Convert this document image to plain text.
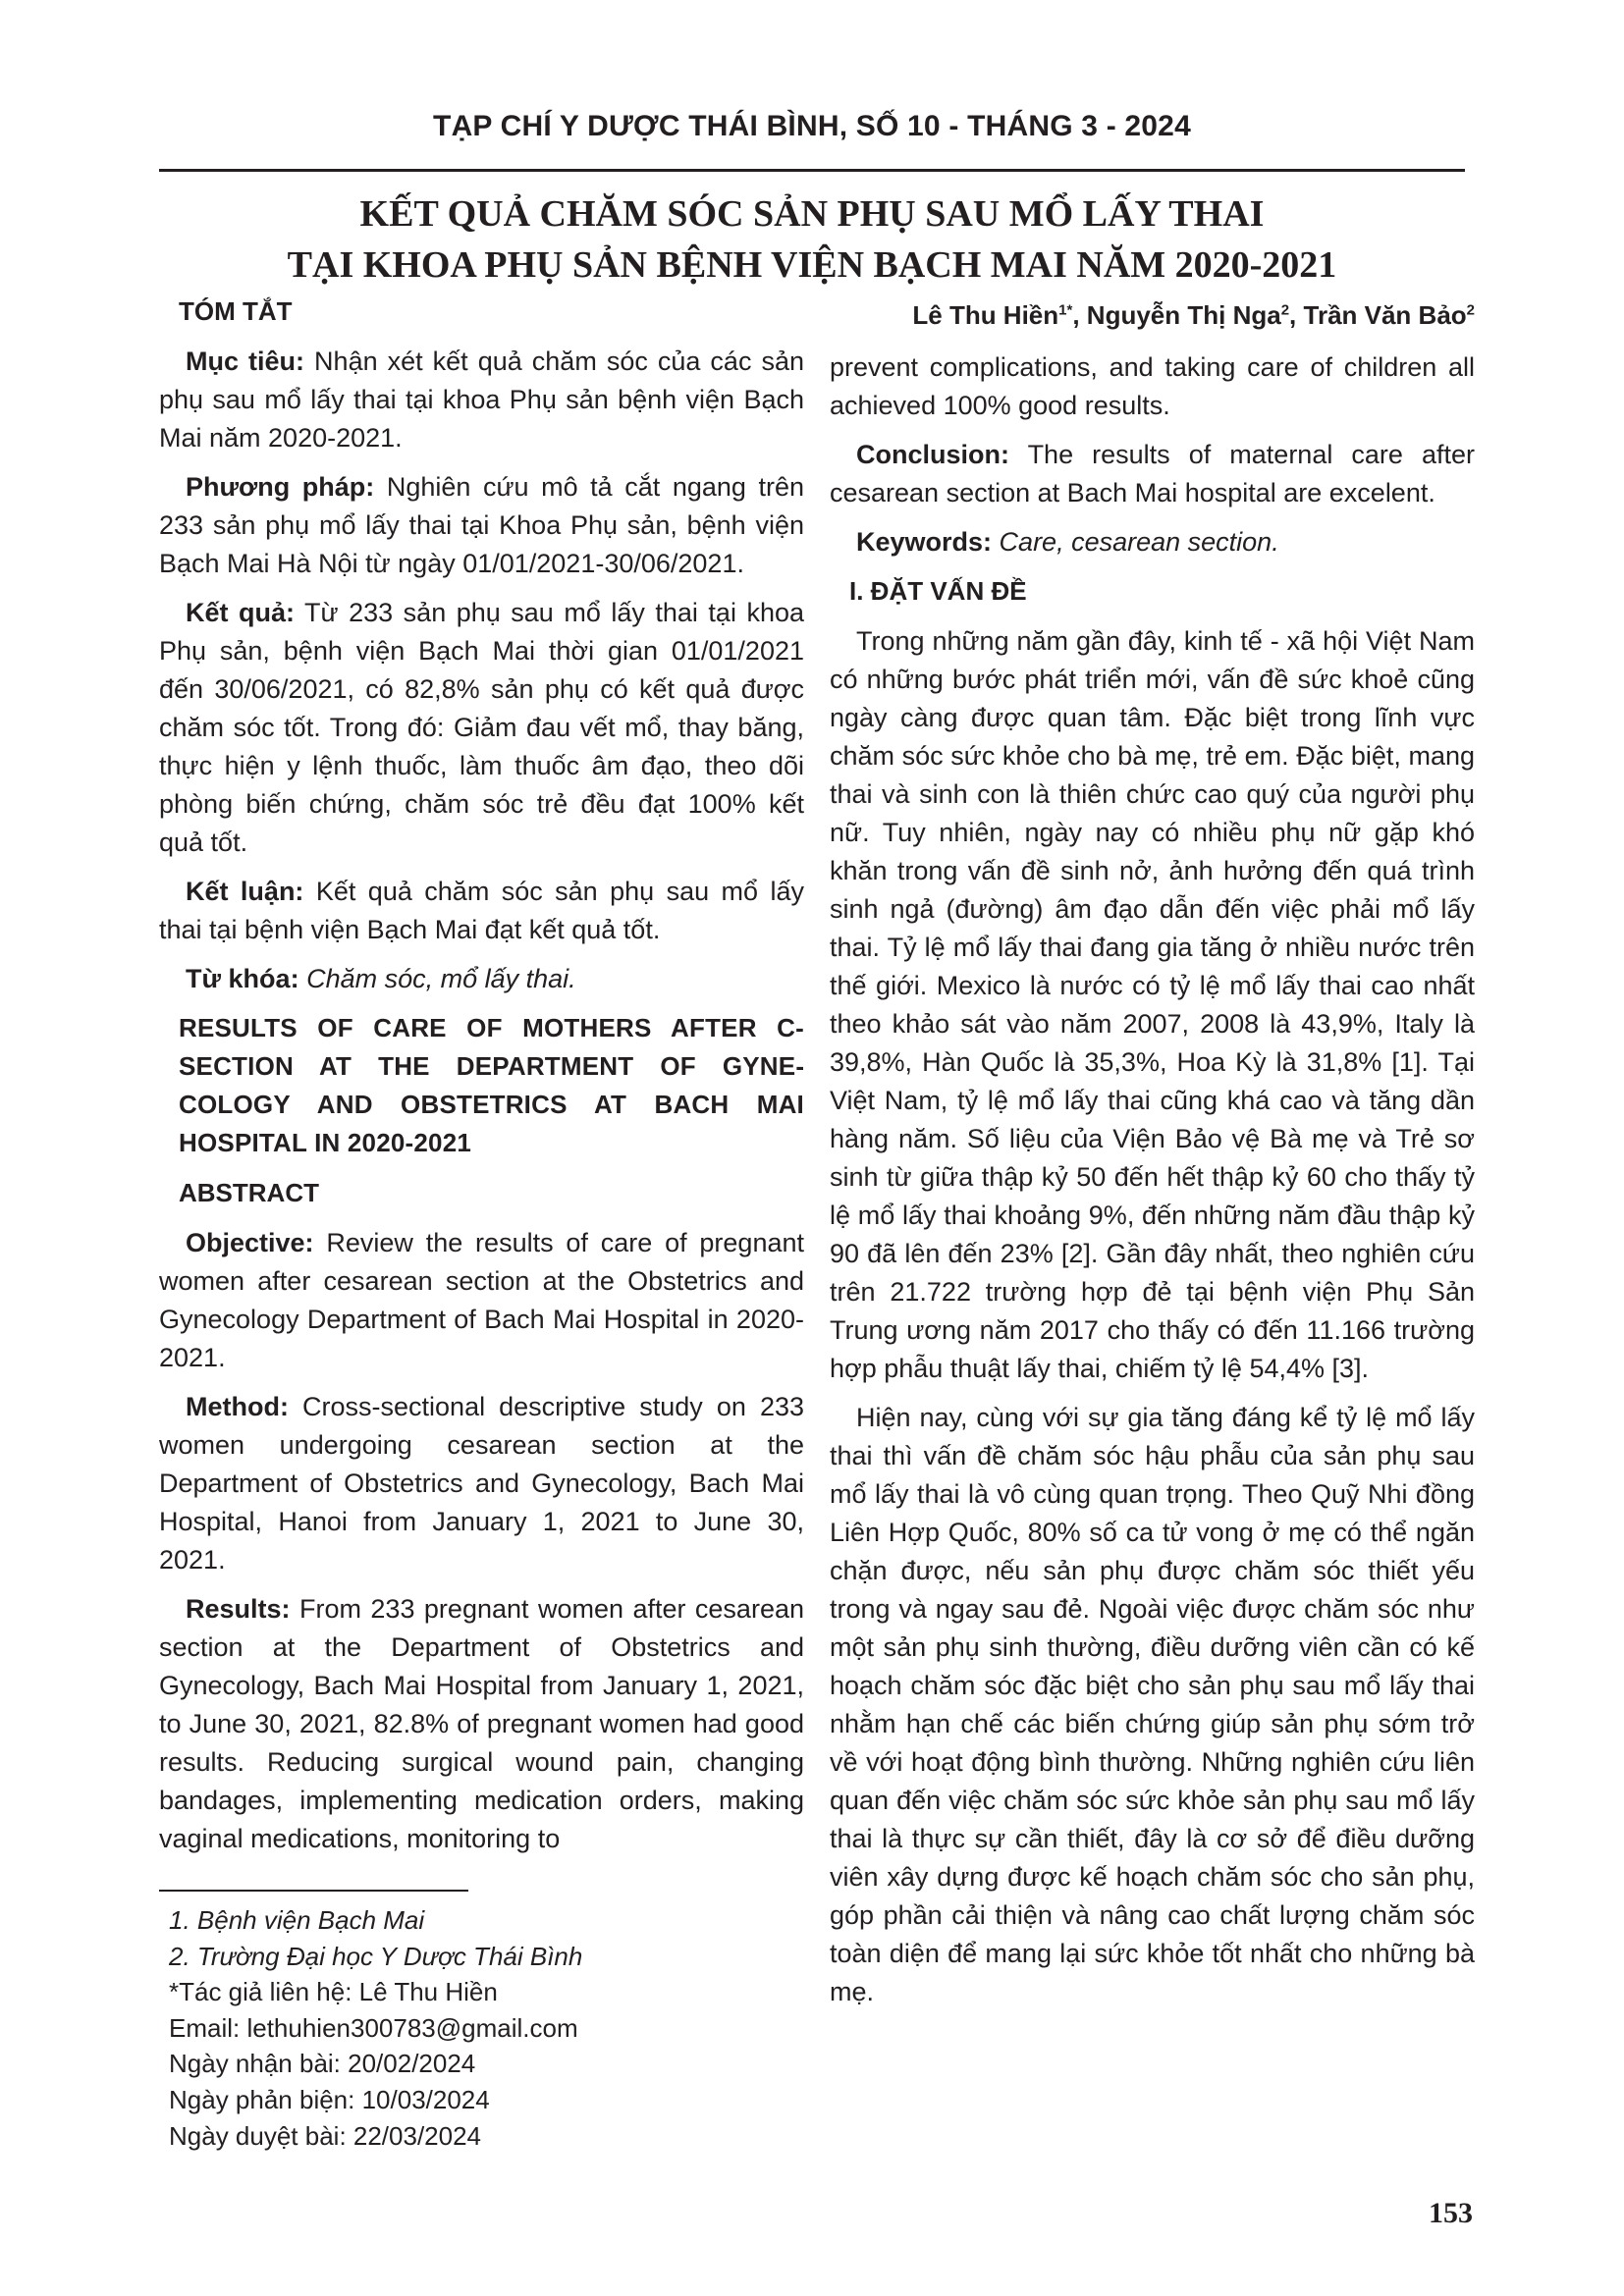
TẠP CHÍ Y DƯỢC THÁI BÌNH, SỐ 10 - THÁNG 3 - 2024
KẾT QUẢ CHĂM SÓC SẢN PHỤ SAU MỔ LẤY THAI
TẠI KHOA PHỤ SẢN BỆNH VIỆN BẠCH MAI NĂM 2020-2021
Lê Thu Hiền$^{1*}$, Nguyễn Thị Nga$^2$, Trần Văn Bảo$^2$

TÓM TẮT

Mục tiêu: Nhận xét kết quả chăm sóc của các sản phụ sau mổ lấy thai tại khoa Phụ sản bệnh viện Bạch Mai năm 2020-2021.

Phương pháp: Nghiên cứu mô tả cắt ngang trên 233 sản phụ mổ lấy thai tại Khoa Phụ sản, bệnh viện Bạch Mai Hà Nội từ ngày 01/01/2021-30/06/2021.

Kết quả: Từ 233 sản phụ sau mổ lấy thai tại khoa Phụ sản, bệnh viện Bạch Mai thời gian 01/01/2021 đến 30/06/2021, có 82,8% sản phụ có kết quả được chăm sóc tốt. Trong đó: Giảm đau vết mổ, thay băng, thực hiện y lệnh thuốc, làm thuốc âm đạo, theo dõi phòng biến chứng, chăm sóc trẻ đều đạt 100% kết quả tốt.

Kết luận: Kết quả chăm sóc sản phụ sau mổ lấy thai tại bệnh viện Bạch Mai đạt kết quả tốt.

Từ khóa: Chăm sóc, mổ lấy thai.

RESULTS OF CARE OF MOTHERS AFTER C-SECTION AT THE DEPARTMENT OF GYNECOLOGY AND OBSTETRICS AT BACH MAI HOSPITAL IN 2020-2021

ABSTRACT

Objective: Review the results of care of pregnant women after cesarean section at the Obstetrics and Gynecology Department of Bach Mai Hospital in 2020-2021.

Method: Cross-sectional descriptive study on 233 women undergoing cesarean section at the Department of Obstetrics and Gynecology, Bach Mai Hospital, Hanoi from January 1, 2021 to June 30, 2021.

Results: From 233 pregnant women after cesarean section at the Department of Obstetrics and Gynecology, Bach Mai Hospital from January 1, 2021, to June 30, 2021, 82.8% of pregnant women had good results. Reducing surgical wound pain, changing bandages, implementing medication orders, making vaginal medications, monitoring to

1. Bệnh viện Bạch Mai
2. Trường Đại học Y Dược Thái Bình
*Tác giả liên hệ: Lê Thu Hiền
Email: lethuhien300783@gmail.com
Ngày nhận bài: 20/02/2024
Ngày phản biện: 10/03/2024
Ngày duyệt bài: 22/03/2024

prevent complications, and taking care of children all achieved 100% good results.

Conclusion: The results of maternal care after cesarean section at Bach Mai hospital are excelent.

Keywords: Care, cesarean section.

I. ĐẶT VẤN ĐỀ

Trong những năm gần đây, kinh tế - xã hội Việt Nam có những bước phát triển mới, vấn đề sức khoẻ cũng ngày càng được quan tâm. Đặc biệt trong lĩnh vực chăm sóc sức khỏe cho bà mẹ, trẻ em. Đặc biệt, mang thai và sinh con là thiên chức cao quý của người phụ nữ. Tuy nhiên, ngày nay có nhiều phụ nữ gặp khó khăn trong vấn đề sinh nở, ảnh hưởng đến quá trình sinh ngả (đường) âm đạo dẫn đến việc phải mổ lấy thai. Tỷ lệ mổ lấy thai đang gia tăng ở nhiều nước trên thế giới. Mexico là nước có tỷ lệ mổ lấy thai cao nhất theo khảo sát vào năm 2007, 2008 là 43,9%, Italy là 39,8%, Hàn Quốc là 35,3%, Hoa Kỳ là 31,8% [1]. Tại Việt Nam, tỷ lệ mổ lấy thai cũng khá cao và tăng dần hàng năm. Số liệu của Viện Bảo vệ Bà mẹ và Trẻ sơ sinh từ giữa thập kỷ 50 đến hết thập kỷ 60 cho thấy tỷ lệ mổ lấy thai khoảng 9%, đến những năm đầu thập kỷ 90 đã lên đến 23% [2]. Gần đây nhất, theo nghiên cứu trên 21.722 trường hợp đẻ tại bệnh viện Phụ Sản Trung ương năm 2017 cho thấy có đến 11.166 trường hợp phẫu thuật lấy thai, chiếm tỷ lệ 54,4% [3].

Hiện nay, cùng với sự gia tăng đáng kể tỷ lệ mổ lấy thai thì vấn đề chăm sóc hậu phẫu của sản phụ sau mổ lấy thai là vô cùng quan trọng. Theo Quỹ Nhi đồng Liên Hợp Quốc, 80% số ca tử vong ở mẹ có thể ngăn chặn được, nếu sản phụ được chăm sóc thiết yếu trong và ngay sau đẻ. Ngoài việc được chăm sóc như một sản phụ sinh thường, điều dưỡng viên cần có kế hoạch chăm sóc đặc biệt cho sản phụ sau mổ lấy thai nhằm hạn chế các biến chứng giúp sản phụ sớm trở về với hoạt động bình thường. Những nghiên cứu liên quan đến việc chăm sóc sức khỏe sản phụ sau mổ lấy thai là thực sự cần thiết, đây là cơ sở để điều dưỡng viên xây dựng được kế hoạch chăm sóc cho sản phụ, góp phần cải thiện và nâng cao chất lượng chăm sóc toàn diện để mang lại sức khỏe tốt nhất cho những bà mẹ.

153
